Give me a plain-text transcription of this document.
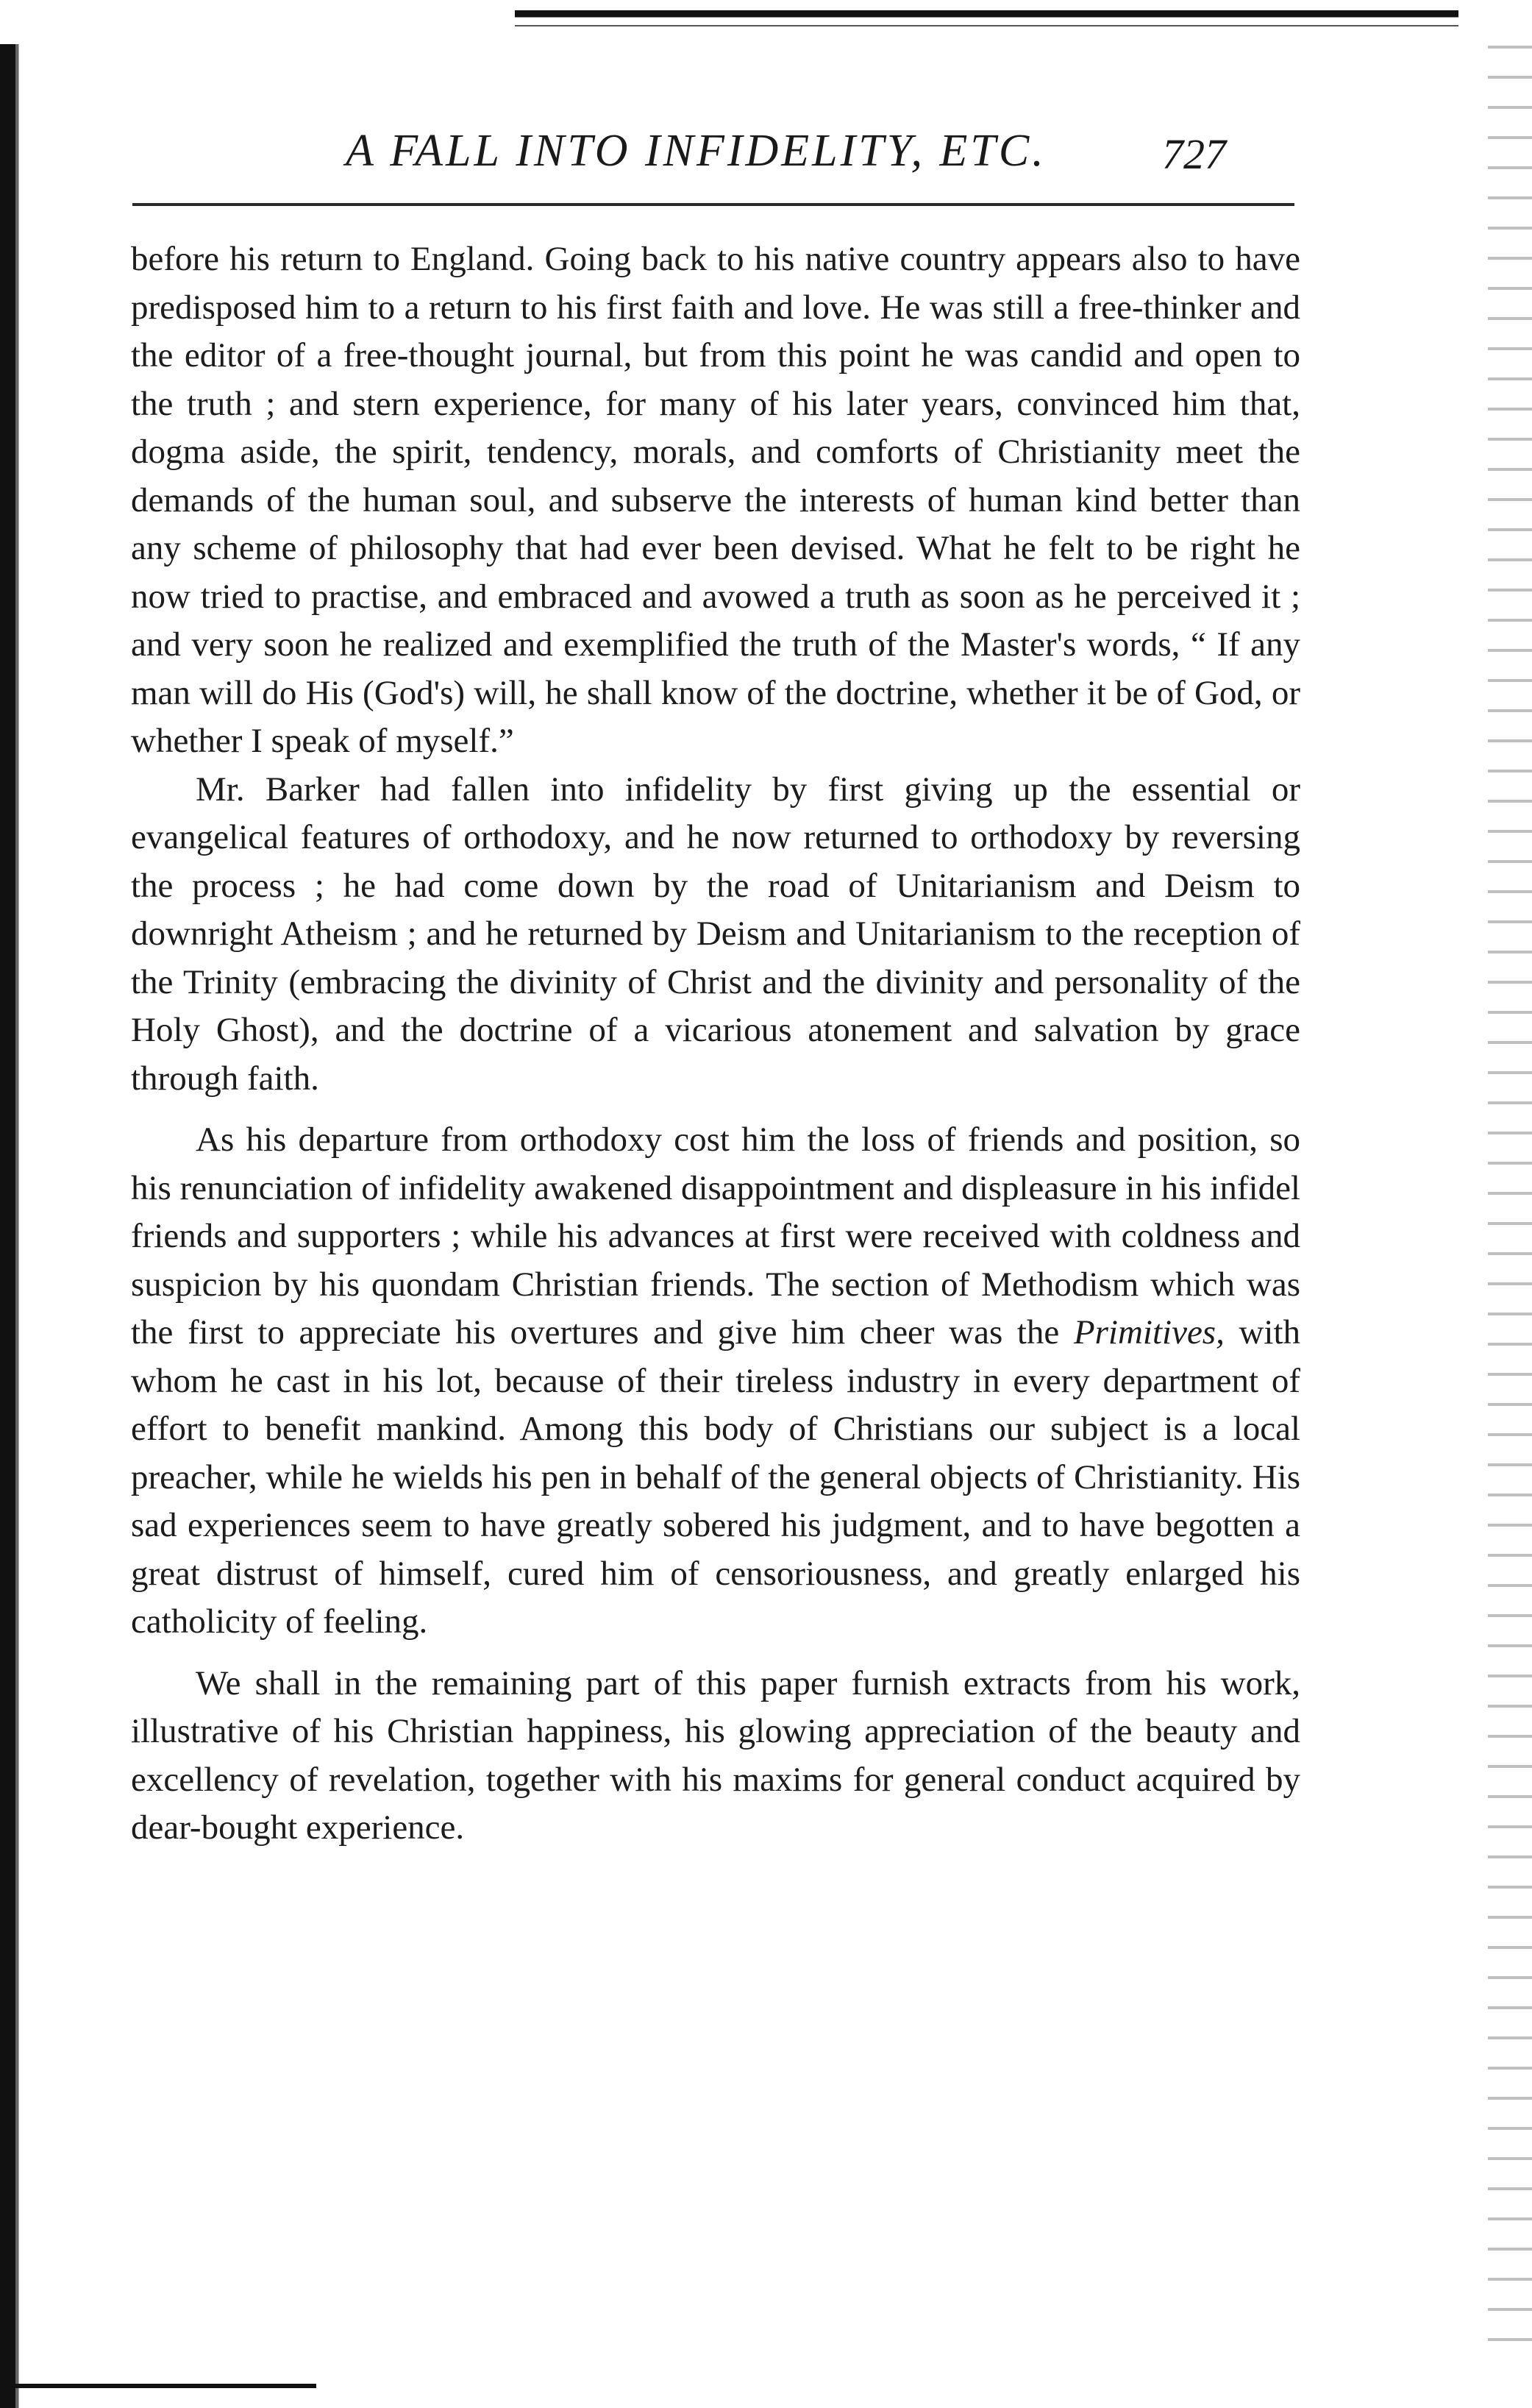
A FALL INTO INFIDELITY, ETC.	727

before his return to England. Going back to his native country appears also to have predisposed him to a return to his first faith and love. He was still a free-thinker and the editor of a free-thought journal, but from this point he was candid and open to the truth ; and stern experience, for many of his later years, convinced him that, dogma aside, the spirit, tendency, morals, and comforts of Christianity meet the demands of the human soul, and subserve the interests of human kind better than any scheme of philosophy that had ever been devised. What he felt to be right he now tried to practise, and embraced and avowed a truth as soon as he perceived it ; and very soon he realized and exemplified the truth of the Master's words, “ If any man will do His (God's) will, he shall know of the doctrine, whether it be of God, or whether I speak of myself.”

Mr. Barker had fallen into infidelity by first giving up the essential or evangelical features of orthodoxy, and he now returned to orthodoxy by reversing the process ; he had come down by the road of Unitarianism and Deism to downright Atheism ; and he returned by Deism and Unitarianism to the reception of the Trinity (embracing the divinity of Christ and the divinity and personality of the Holy Ghost), and the doctrine of a vicarious atonement and salvation by grace through faith.

As his departure from orthodoxy cost him the loss of friends and position, so his renunciation of infidelity awakened disappointment and displeasure in his infidel friends and supporters ; while his advances at first were received with coldness and suspicion by his quondam Christian friends. The section of Methodism which was the first to appreciate his overtures and give him cheer was the Primitives, with whom he cast in his lot, because of their tireless industry in every department of effort to benefit mankind. Among this body of Christians our subject is a local preacher, while he wields his pen in behalf of the general objects of Christianity. His sad experiences seem to have greatly sobered his judgment, and to have begotten a great distrust of himself, cured him of censoriousness, and greatly enlarged his catholicity of feeling.

We shall in the remaining part of this paper furnish extracts from his work, illustrative of his Christian happiness, his glowing appreciation of the beauty and excellency of revelation, together with his maxims for general conduct acquired by dear-bought experience.
